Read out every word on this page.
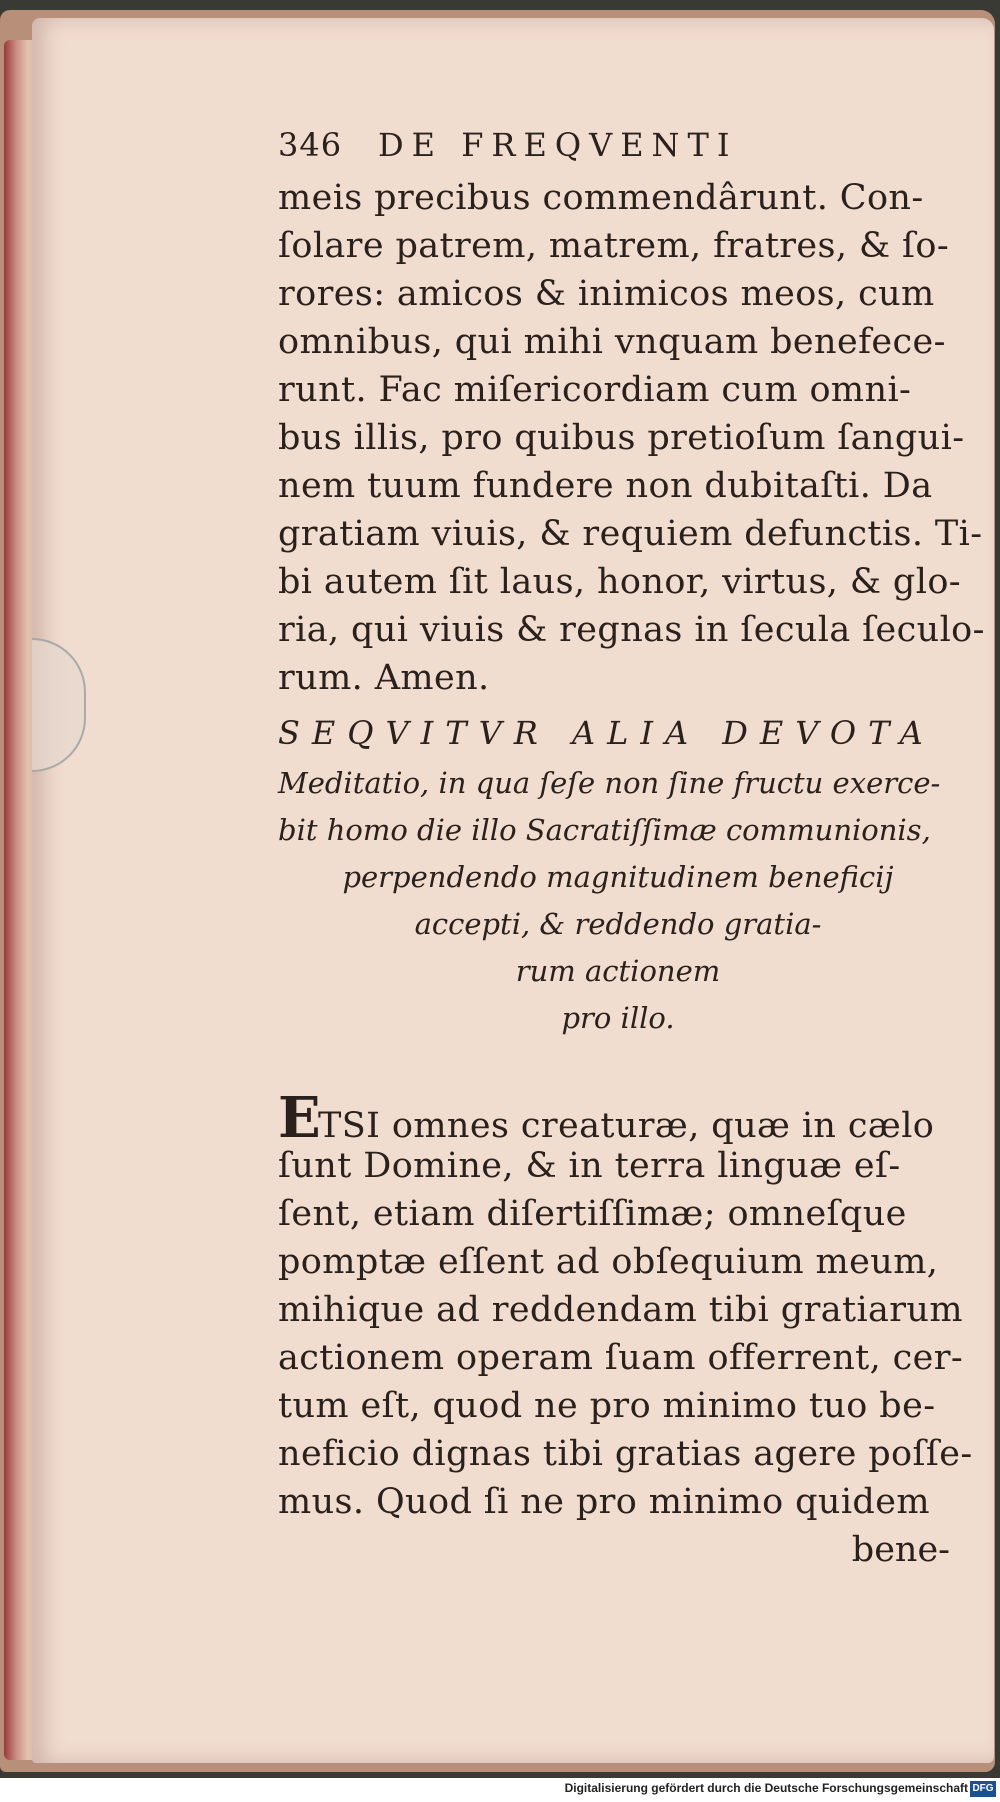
346	DE FREQVENTI
meis precibus commendârunt. Con-
ſolare patrem, matrem, fratres, & ſo-
rores: amicos & inimicos meos, cum
omnibus, qui mihi vnquam benefece-
runt. Fac miſericordiam cum omni-
bus illis, pro quibus pretioſum ſangui-
nem tuum fundere non dubitaſti. Da
gratiam viuis, & requiem defunctis. Ti-
bi autem ſit laus, honor, virtus, & glo-
ria, qui viuis & regnas in ſecula ſeculo-
rum. Amen.
SEQVITVR ALIA DEVOTA
Meditatio, in qua ſeſe non ſine fructu exerce-
bit homo die illo Sacratiſſimæ communionis,
perpendendo magnitudinem beneficij
accepti, & reddendo gratia-
rum actionem
pro illo.
E
TSI omnes creaturæ, quæ in cælo
ſunt Domine, & in terra linguæ eſ-
ſent, etiam diſertiſſimæ; omneſque
pomptæ eſſent ad obſequium meum,
mihique ad reddendam tibi gratiarum
actionem operam ſuam offerrent, cer-
tum eſt, quod ne pro minimo tuo be-
neficio dignas tibi gratias agere poſſe-
mus. Quod ſi ne pro minimo quidem
bene-
Digitalisierung gefördert durch die Deutsche Forschungsgemeinschaft DFG
